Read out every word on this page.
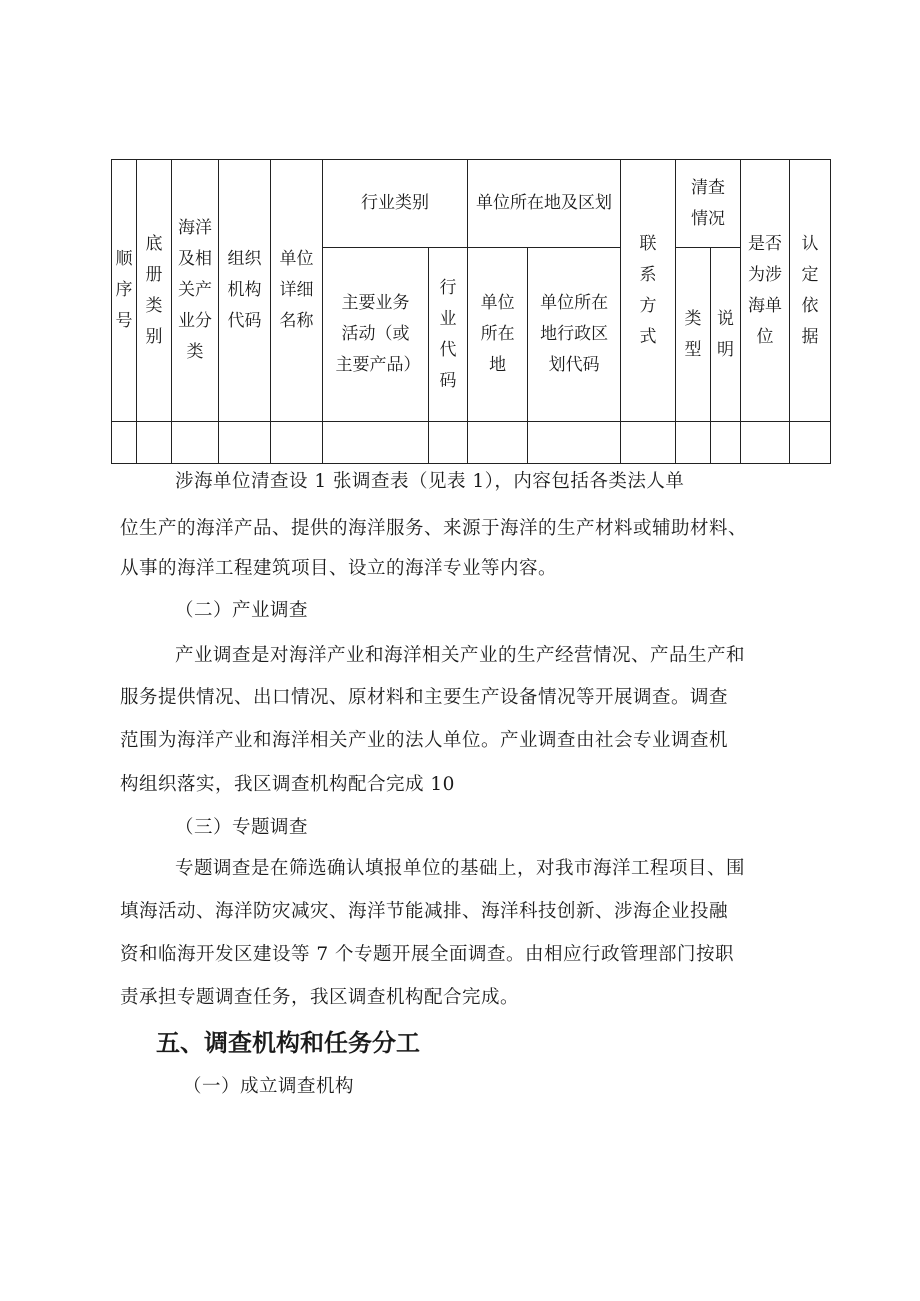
顺序号	底册类别	海洋及相关产业分类	组织机构代码	单位详细名称	行业类别		单位所在地及区划		联系方式	清查情况		是否为涉海单位	认定依据

					主要业务活动（或主要产品）	行业代码	单位所在地	单位所在地行政区划代码		类型	说明		

涉海单位清查设 1 张调查表（见表 1），内容包括各类法人单
位生产的海洋产品、提供的海洋服务、来源于海洋的生产材料或辅助材料、
从事的海洋工程建筑项目、设立的海洋专业等内容。
（二）产业调查
产业调查是对海洋产业和海洋相关产业的生产经营情况、产品生产和
服务提供情况、出口情况、原材料和主要生产设备情况等开展调查。调查
范围为海洋产业和海洋相关产业的法人单位。产业调查由社会专业调查机
构组织落实，我区调查机构配合完成 10
（三）专题调查
专题调查是在筛选确认填报单位的基础上，对我市海洋工程项目、围
填海活动、海洋防灾减灾、海洋节能减排、海洋科技创新、涉海企业投融
资和临海开发区建设等 7 个专题开展全面调查。由相应行政管理部门按职
责承担专题调查任务，我区调查机构配合完成。
五、调查机构和任务分工
（一）成立调查机构
